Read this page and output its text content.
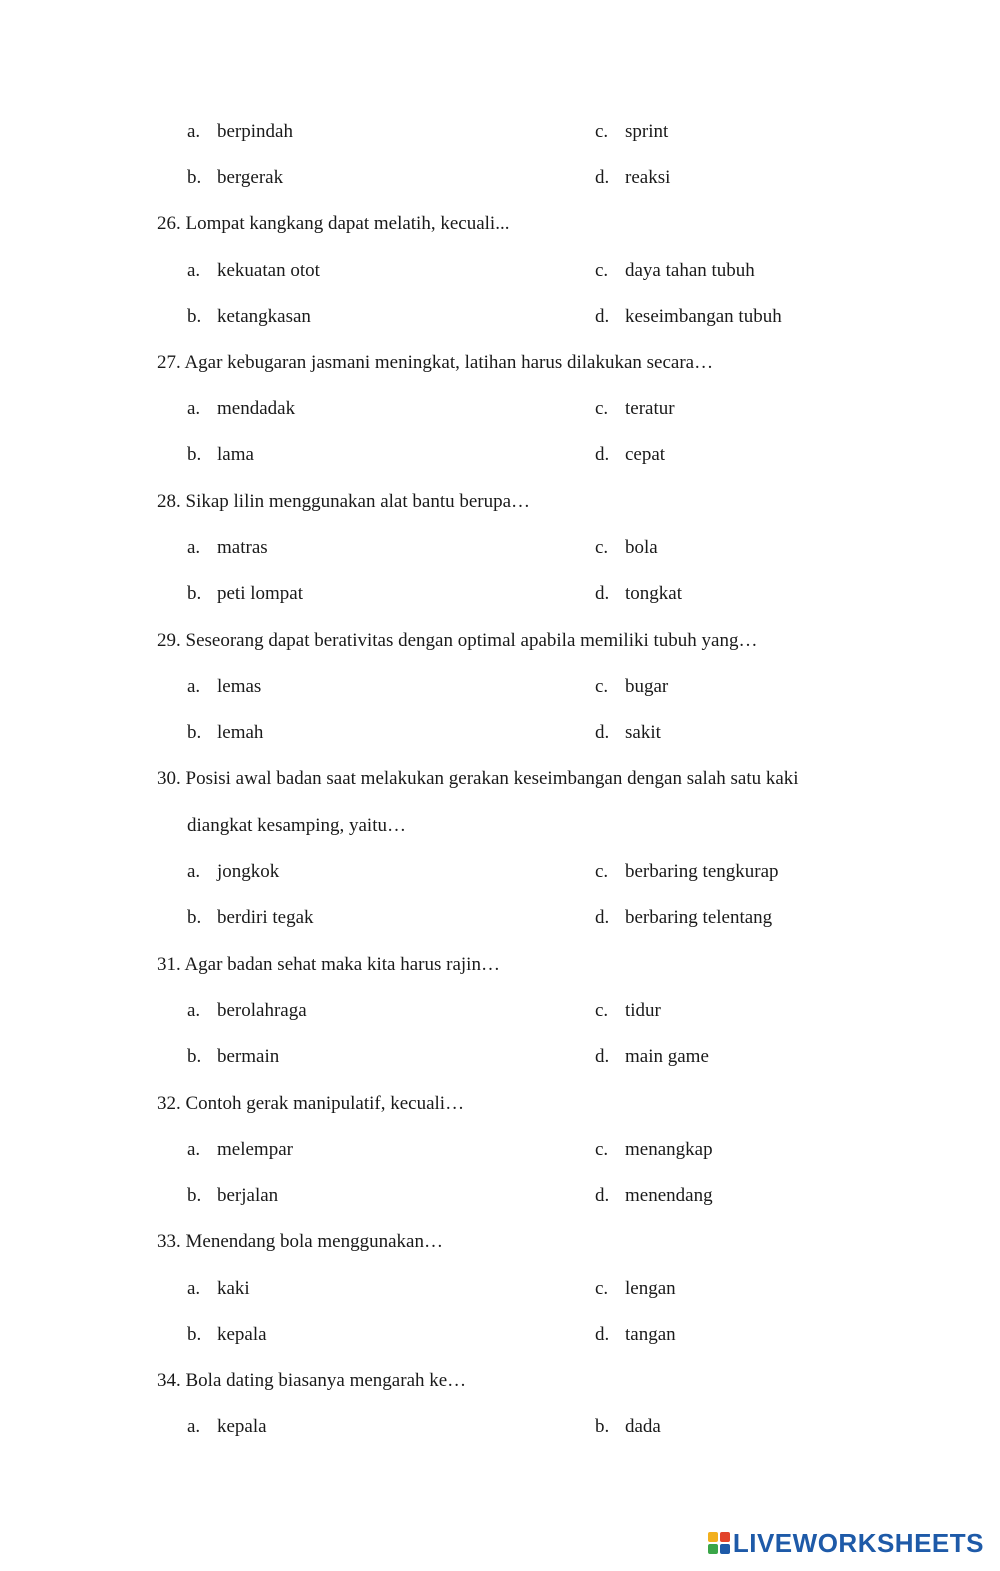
a. berpindah	c. sprint
b. bergerak	d. reaksi
26. Lompat kangkang dapat melatih, kecuali...
a. kekuatan otot	c. daya tahan tubuh
b. ketangkasan	d. keseimbangan tubuh
27. Agar kebugaran jasmani meningkat, latihan harus dilakukan secara…
a. mendadak	c. teratur
b. lama	d. cepat
28. Sikap lilin menggunakan alat bantu berupa…
a. matras	c. bola
b. peti lompat	d. tongkat
29. Seseorang dapat berativitas dengan optimal apabila memiliki tubuh yang…
a. lemas	c. bugar
b. lemah	d. sakit
30. Posisi awal badan saat melakukan gerakan keseimbangan dengan salah satu kaki
diangkat kesamping, yaitu…
a. jongkok	c. berbaring tengkurap
b. berdiri tegak	d. berbaring telentang
31. Agar badan sehat maka kita harus rajin…
a. berolahraga	c. tidur
b. bermain	d. main game
32. Contoh gerak manipulatif, kecuali…
a. melempar	c. menangkap
b. berjalan	d. menendang
33. Menendang bola menggunakan…
a. kaki	c. lengan
b. kepala	d. tangan
34. Bola dating biasanya mengarah ke…
a. kepala	b. dada
LIVEWORKSHEETS
